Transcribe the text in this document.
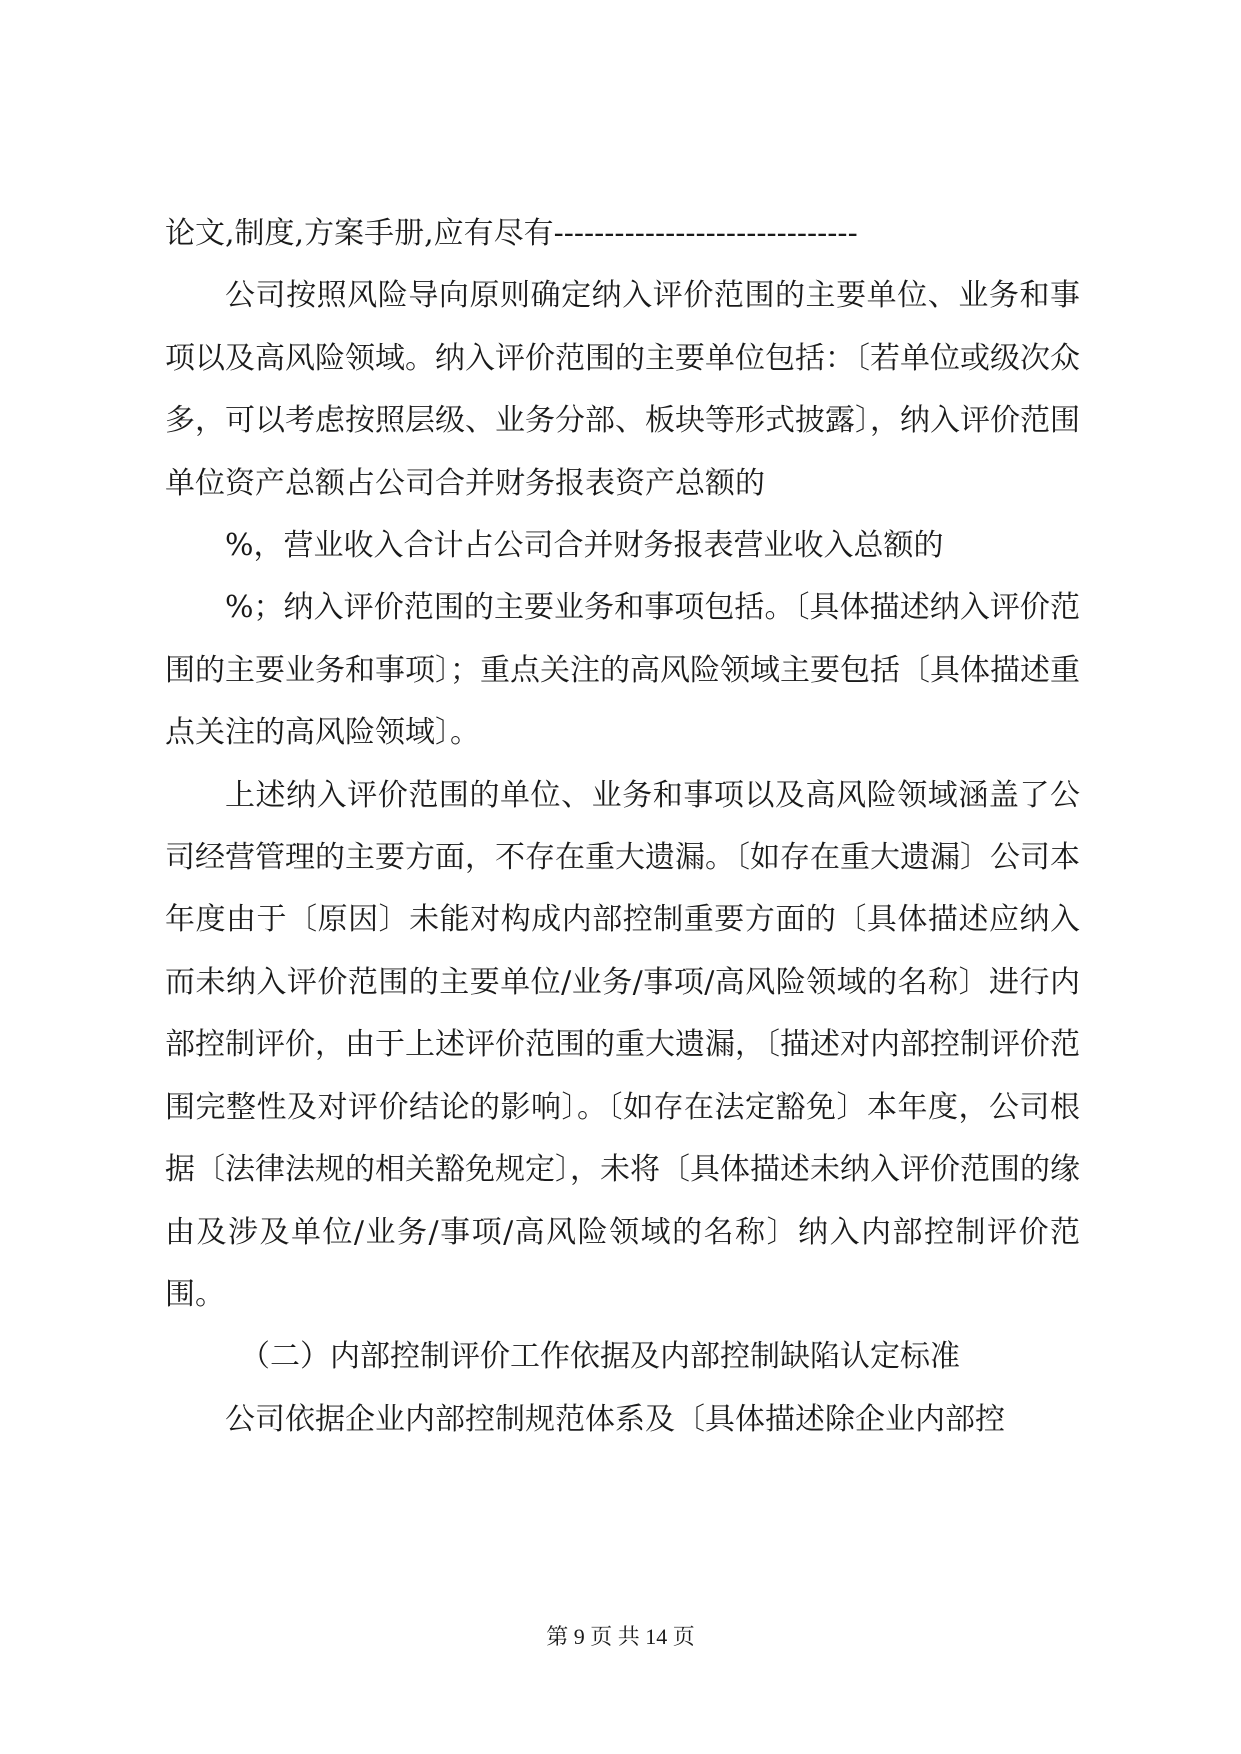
论文,制度,方案手册,应有尽有------------------------------

公司按照风险导向原则确定纳入评价范围的主要单位、业务和事项以及高风险领域。纳入评价范围的主要单位包括：〔若单位或级次众多，可以考虑按照层级、业务分部、板块等形式披露〕，纳入评价范围单位资产总额占公司合并财务报表资产总额的

%，营业收入合计占公司合并财务报表营业收入总额的

%；纳入评价范围的主要业务和事项包括。〔具体描述纳入评价范围的主要业务和事项〕；重点关注的高风险领域主要包括〔具体描述重点关注的高风险领域〕。

上述纳入评价范围的单位、业务和事项以及高风险领域涵盖了公司经营管理的主要方面，不存在重大遗漏。〔如存在重大遗漏〕公司本年度由于〔原因〕未能对构成内部控制重要方面的〔具体描述应纳入而未纳入评价范围的主要单位/业务/事项/高风险领域的名称〕进行内部控制评价，由于上述评价范围的重大遗漏，〔描述对内部控制评价范围完整性及对评价结论的影响〕。〔如存在法定豁免〕本年度，公司根据〔法律法规的相关豁免规定〕，未将〔具体描述未纳入评价范围的缘由及涉及单位/业务/事项/高风险领域的名称〕纳入内部控制评价范围。

（二）内部控制评价工作依据及内部控制缺陷认定标准

公司依据企业内部控制规范体系及〔具体描述除企业内部控

第 9 页 共 14 页
